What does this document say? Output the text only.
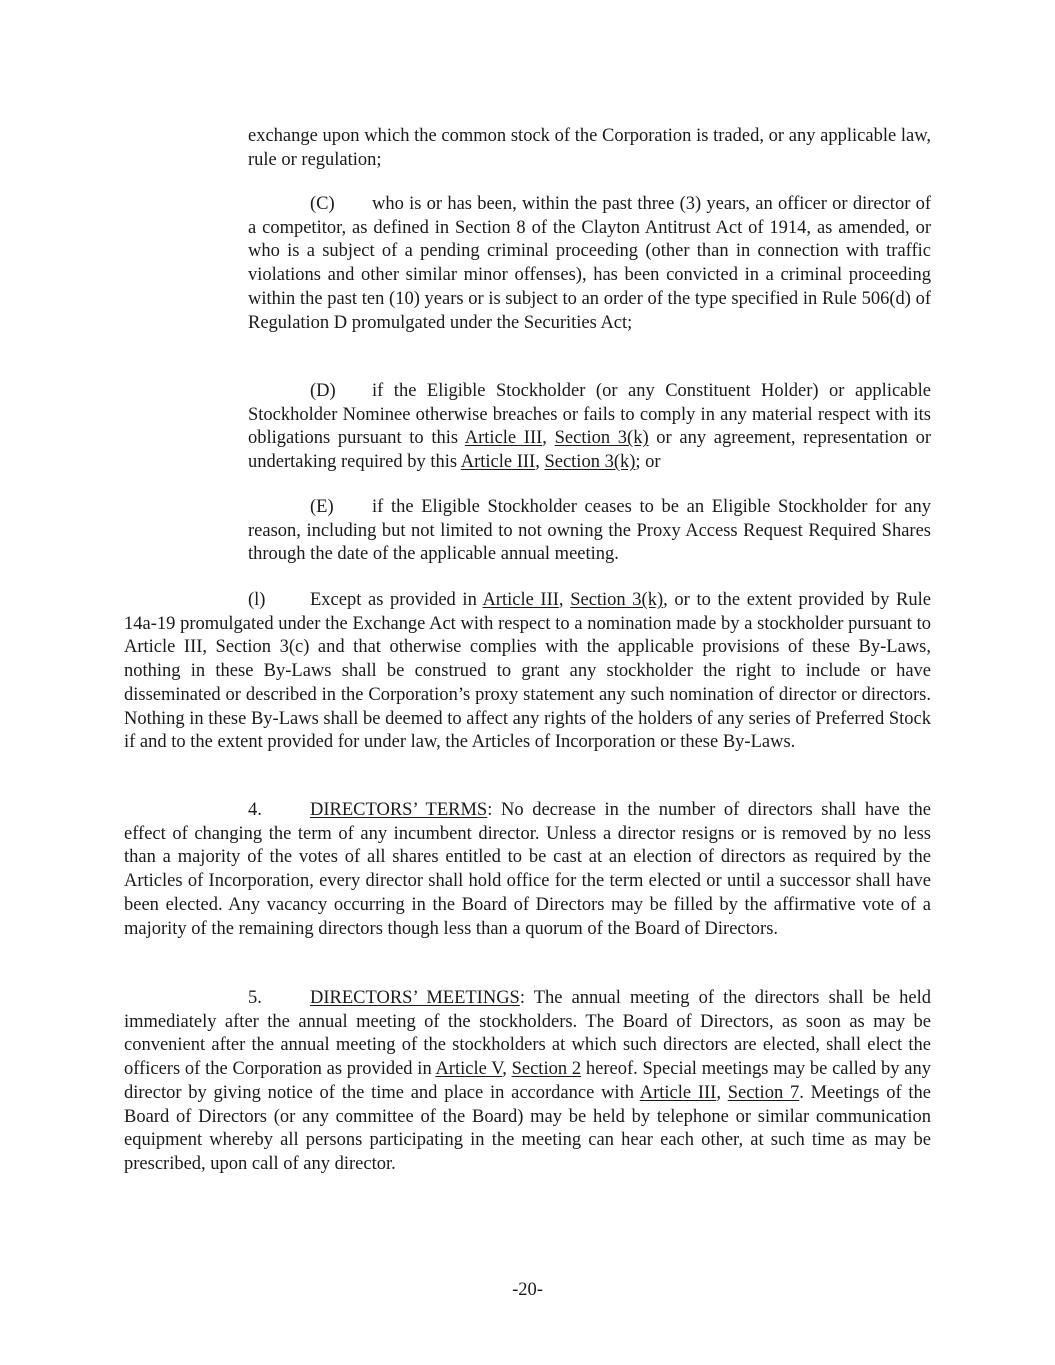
exchange upon which the common stock of the Corporation is traded, or any applicable law, rule or regulation;

(C) who is or has been, within the past three (3) years, an officer or director of a competitor, as defined in Section 8 of the Clayton Antitrust Act of 1914, as amended, or who is a subject of a pending criminal proceeding (other than in connection with traffic violations and other similar minor offenses), has been convicted in a criminal proceeding within the past ten (10) years or is subject to an order of the type specified in Rule 506(d) of Regulation D promulgated under the Securities Act;

(D) if the Eligible Stockholder (or any Constituent Holder) or applicable Stockholder Nominee otherwise breaches or fails to comply in any material respect with its obligations pursuant to this Article III, Section 3(k) or any agreement, representation or undertaking required by this Article III, Section 3(k); or

(E) if the Eligible Stockholder ceases to be an Eligible Stockholder for any reason, including but not limited to not owning the Proxy Access Request Required Shares through the date of the applicable annual meeting.

(l) Except as provided in Article III, Section 3(k), or to the extent provided by Rule 14a-19 promulgated under the Exchange Act with respect to a nomination made by a stockholder pursuant to Article III, Section 3(c) and that otherwise complies with the applicable provisions of these By-Laws, nothing in these By-Laws shall be construed to grant any stockholder the right to include or have disseminated or described in the Corporation’s proxy statement any such nomination of director or directors. Nothing in these By-Laws shall be deemed to affect any rights of the holders of any series of Preferred Stock if and to the extent provided for under law, the Articles of Incorporation or these By-Laws.

4.	DIRECTORS’ TERMS: No decrease in the number of directors shall have the effect of changing the term of any incumbent director. Unless a director resigns or is removed by no less than a majority of the votes of all shares entitled to be cast at an election of directors as required by the Articles of Incorporation, every director shall hold office for the term elected or until a successor shall have been elected. Any vacancy occurring in the Board of Directors may be filled by the affirmative vote of a majority of the remaining directors though less than a quorum of the Board of Directors.

5.	DIRECTORS’ MEETINGS: The annual meeting of the directors shall be held immediately after the annual meeting of the stockholders. The Board of Directors, as soon as may be convenient after the annual meeting of the stockholders at which such directors are elected, shall elect the officers of the Corporation as provided in Article V, Section 2 hereof. Special meetings may be called by any director by giving notice of the time and place in accordance with Article III, Section 7. Meetings of the Board of Directors (or any committee of the Board) may be held by telephone or similar communication equipment whereby all persons participating in the meeting can hear each other, at such time as may be prescribed, upon call of any director.

-20-
